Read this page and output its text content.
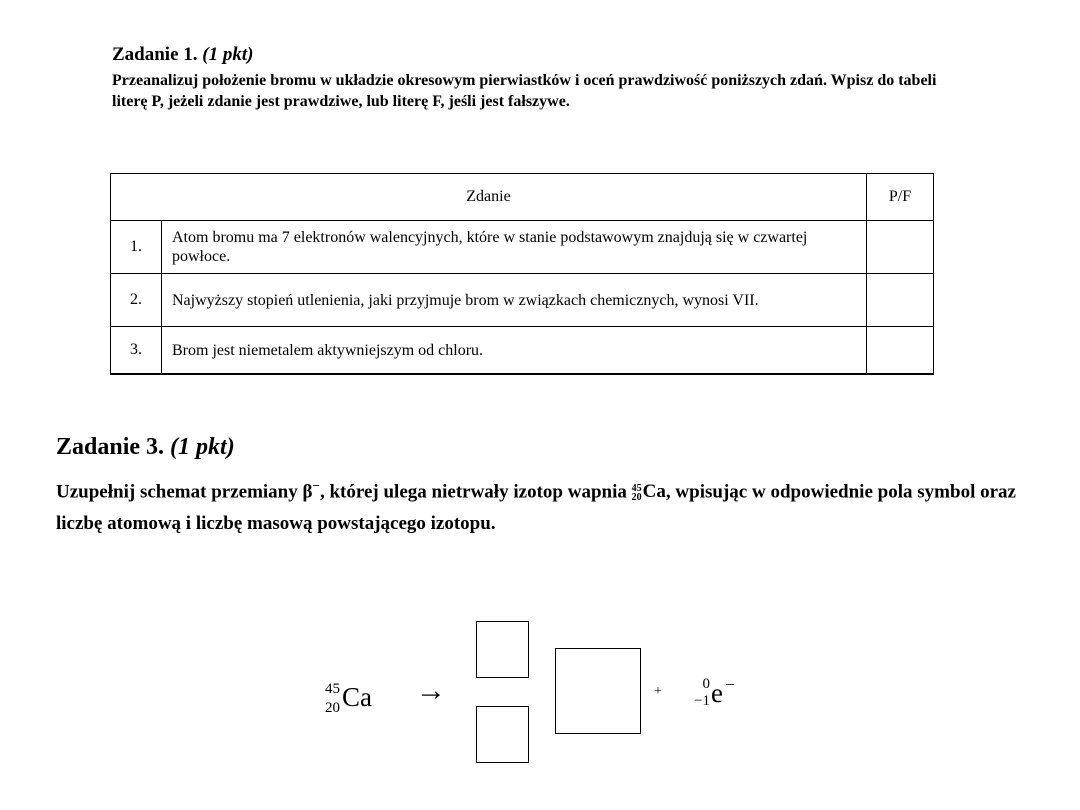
Zadanie 1. (1 pkt)
Przeanalizuj położenie bromu w układzie okresowym pierwiastków i oceń prawdziwość poniższych zdań. Wpisz do tabeli literę P, jeżeli zdanie jest prawdziwe, lub literę F, jeśli jest fałszywe.
Zdanie		P/F
1.	Atom bromu ma 7 elektronów walencyjnych, które w stanie podstawowym znajdują się w czwartej powłoce.	
2.	Najwyższy stopień utlenienia, jaki przyjmuje brom w związkach chemicznych, wynosi VII.	
3.	Brom jest niemetalem aktywniejszym od chloru.	
Zadanie 3. (1 pkt)
Uzupełnij schemat przemiany β−, której ulega nietrwały izotop wapnia 45
20Ca, wpisując w odpowiednie pola symbol oraz liczbę atomową i liczbę masową powstającego izotopu.
45
20 Ca →	+	0
−1 e −
